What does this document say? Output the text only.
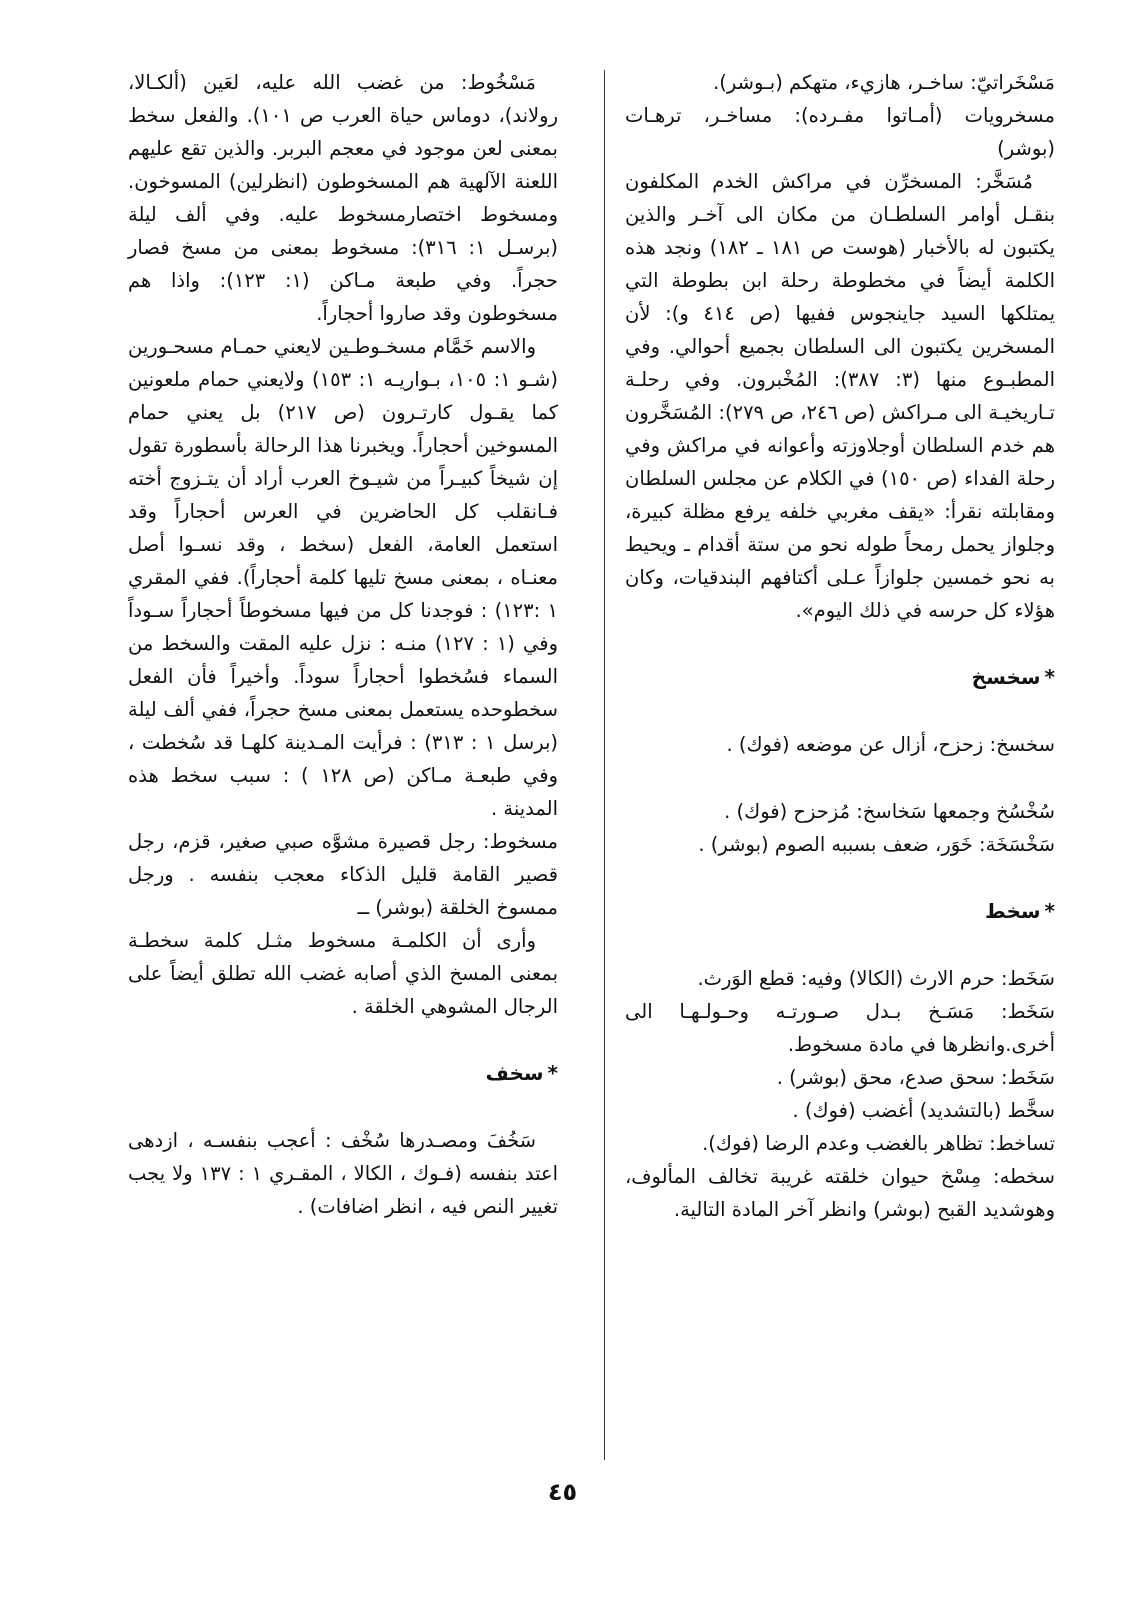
مَسْخَراتيّ: ساخـر، هازيء، متهكم (بـوشر).

مسخرويات (أمـاتوا مفـرده): مساخـر، ترهـات (بوشر)

مُسَخَّر: المسخرِّن في مراكش الخدم المكلفون بنقـل أوامر السلطـان من مكان الى آخـر والذين يكتبون له بالأخبار (هوست ص ١٨١ ـ ١٨٢) ونجد هذه الكلمة أيضاً في مخطوطة رحلة ابن بطوطة التي يمتلكها السيد جاينجوس ففيها (ص ٤١٤ و): لأن المسخرين يكتبون الى السلطان بجميع أحوالي. وفي المطبـوع منها (٣: ٣٨٧): المُخْبرون. وفي رحلـة تـاريخيـة الى مـراكش (ص ٢٤٦، ص ٢٧٩): المُسَخَّرون هم خدم السلطان أوجلاوزته وأعوانه في مراكش وفي رحلة الفداء (ص ١٥٠) في الكلام عن مجلس السلطان ومقابلته نقرأ: «يقف مغربي خلفه يرفع مظلة كبيرة، وجلواز يحمل رمحاً طوله نحو من ستة أقدام ـ ويحيط به نحو خمسين جلوازاً عـلى أكتافهم البندقيات، وكان هؤلاء كل حرسه في ذلك اليوم».

*سخسخ

سخسخ: زحزح، أزال عن موضعه (فوك) .

سُخْسُخ وجمعها سَخاسخ: مُزحزح (فوك) .

سَخْسَخَة: خَوَر، ضعف بسببه الصوم (بوشر) .

*سخط

سَخَط: حرم الارث (الكالا) وفيه: قطع الوَرث.

سَخَط: مَسَـخ بـدل صـورتـه وحـولـهـا الى أخرى.وانظرها في مادة مسخوط.

سَخَط: سحق صدع، محق (بوشر) .

سخَّط (بالتشديد) أغضب (فوك) .

تساخط: تظاهر بالغضب وعدم الرضا (فوك).

سخطه: مِسْخ حيوان خلقته غريبة تخالف المألوف، وهوشديد القبح (بوشر) وانظر آخر المادة التالية.

مَسْخُوط: من غضب الله عليه، لعَين (ألكـالا، رولاند)، دوماس حياة العرب ص ١٠١). والفعل سخط بمعنى لعن موجود في معجم البربر. والذين تقع عليهم اللعنة الآلهية هم المسخوطون (انظرلين) المسوخون. ومسخوط اختصارمسخوط عليه. وفي ألف ليلة (برسـل ١: ٣١٦): مسخوط بمعنى من مسخ فصار حجراً. وفي طبعة مـاكن (١: ١٢٣): واذا هم مسخوطون وقد صاروا أحجاراً.

والاسم خَمَّام مسخـوطـين لايعني حمـام مسحـورين (شـو ١: ١٠٥، بـواريـه ١: ١٥٣) ولايعني حمام ملعونين كما يقـول كارتـرون (ص ٢١٧) بل يعني حمام المسوخين أحجاراً. ويخبرنا هذا الرحالة بأسطورة تقول إن شيخاً كبيـراً من شيـوخ العرب أراد أن يتـزوج أخته فـانقلب كل الحاضرين في العرس أحجاراً وقد استعمل العامة، الفعل (سخط ، وقد نسـوا أصل معنـاه ، بمعنى مسخ تليها كلمة أحجاراً). ففي المقري ١ :١٢٣) : فوجدنا كل من فيها مسخوطاً أحجاراً سـوداً وفي (١ : ١٢٧) منـه : نزل عليه المقت والسخط من السماء فسُخطوا أحجاراً سوداً. وأخيراً فأن الفعل سخطوحده يستعمل بمعنى مسخ حجراً، ففي ألف ليلة (برسل ١ : ٣١٣) : فرأيت المـدينة كلهـا قد سُخطت ، وفي طبعـة مـاكن (ص ١٢٨ ) : سبب سخط هذه المدينة .

مسخوط: رجل قصيرة مشوَّه صبي صغير، قزم، رجل قصير القامة قليل الذكاء معجب بنفسه . ورجل ممسوخ الخلقة (بوشر) ــ

وأرى أن الكلمـة مسخوط مثـل كلمة سخطـة بمعنى المسخ الذي أصابه غضب الله تطلق أيضاً على الرجال المشوهي الخلقة .

*سخف

سَخُفَ ومصـدرها سُخْف : أعجب بنفسـه ، ازدهى اعتد بنفسه (فـوك ، الكالا ، المقـري ١ : ١٣٧ ولا يجب تغيير النص فيه ، انظر اضافات) .

٤٥
